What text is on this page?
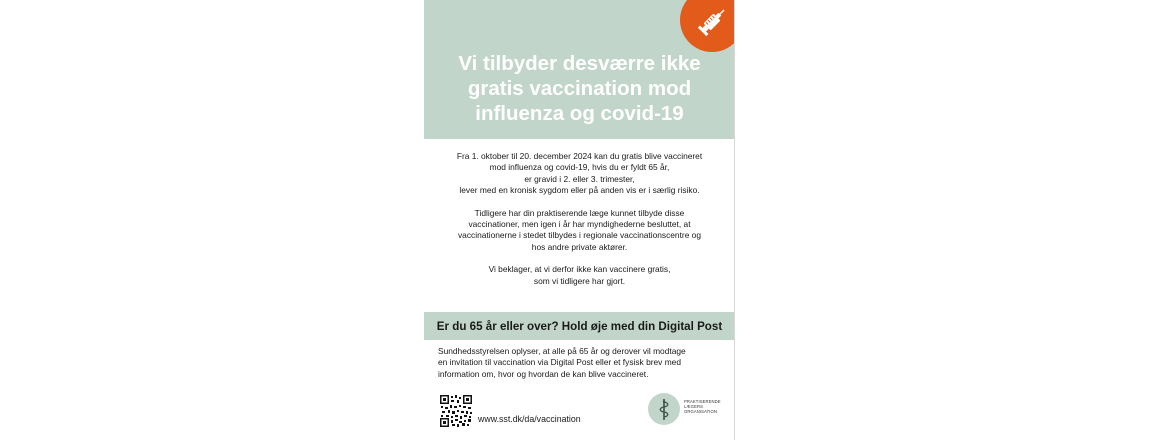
Vi tilbyder desværre ikke
gratis vaccination mod
influenza og covid-19

Fra 1. oktober til 20. december 2024 kan du gratis blive vaccineret
mod influenza og covid-19, hvis du er fyldt 65 år,
er gravid i 2. eller 3. trimester,
lever med en kronisk sygdom eller på anden vis er i særlig risiko.

Tidligere har din praktiserende læge kunnet tilbyde disse
vaccinationer, men igen i år har myndighederne besluttet, at
vaccinationerne i stedet tilbydes i regionale vaccinationscentre og
hos andre private aktører.

Vi beklager, at vi derfor ikke kan vaccinere gratis,
som vi tidligere har gjort.

Er du 65 år eller over? Hold øje med din Digital Post
Sundhedsstyrelsen oplyser, at alle på 65 år og derover vil modtage
en invitation til vaccination via Digital Post eller et fysisk brev med
information om, hvor og hvordan de kan blive vaccineret.
www.sst.dk/da/vaccination
PRAKTISERENDE
LÆGERS
ORGANISATION
